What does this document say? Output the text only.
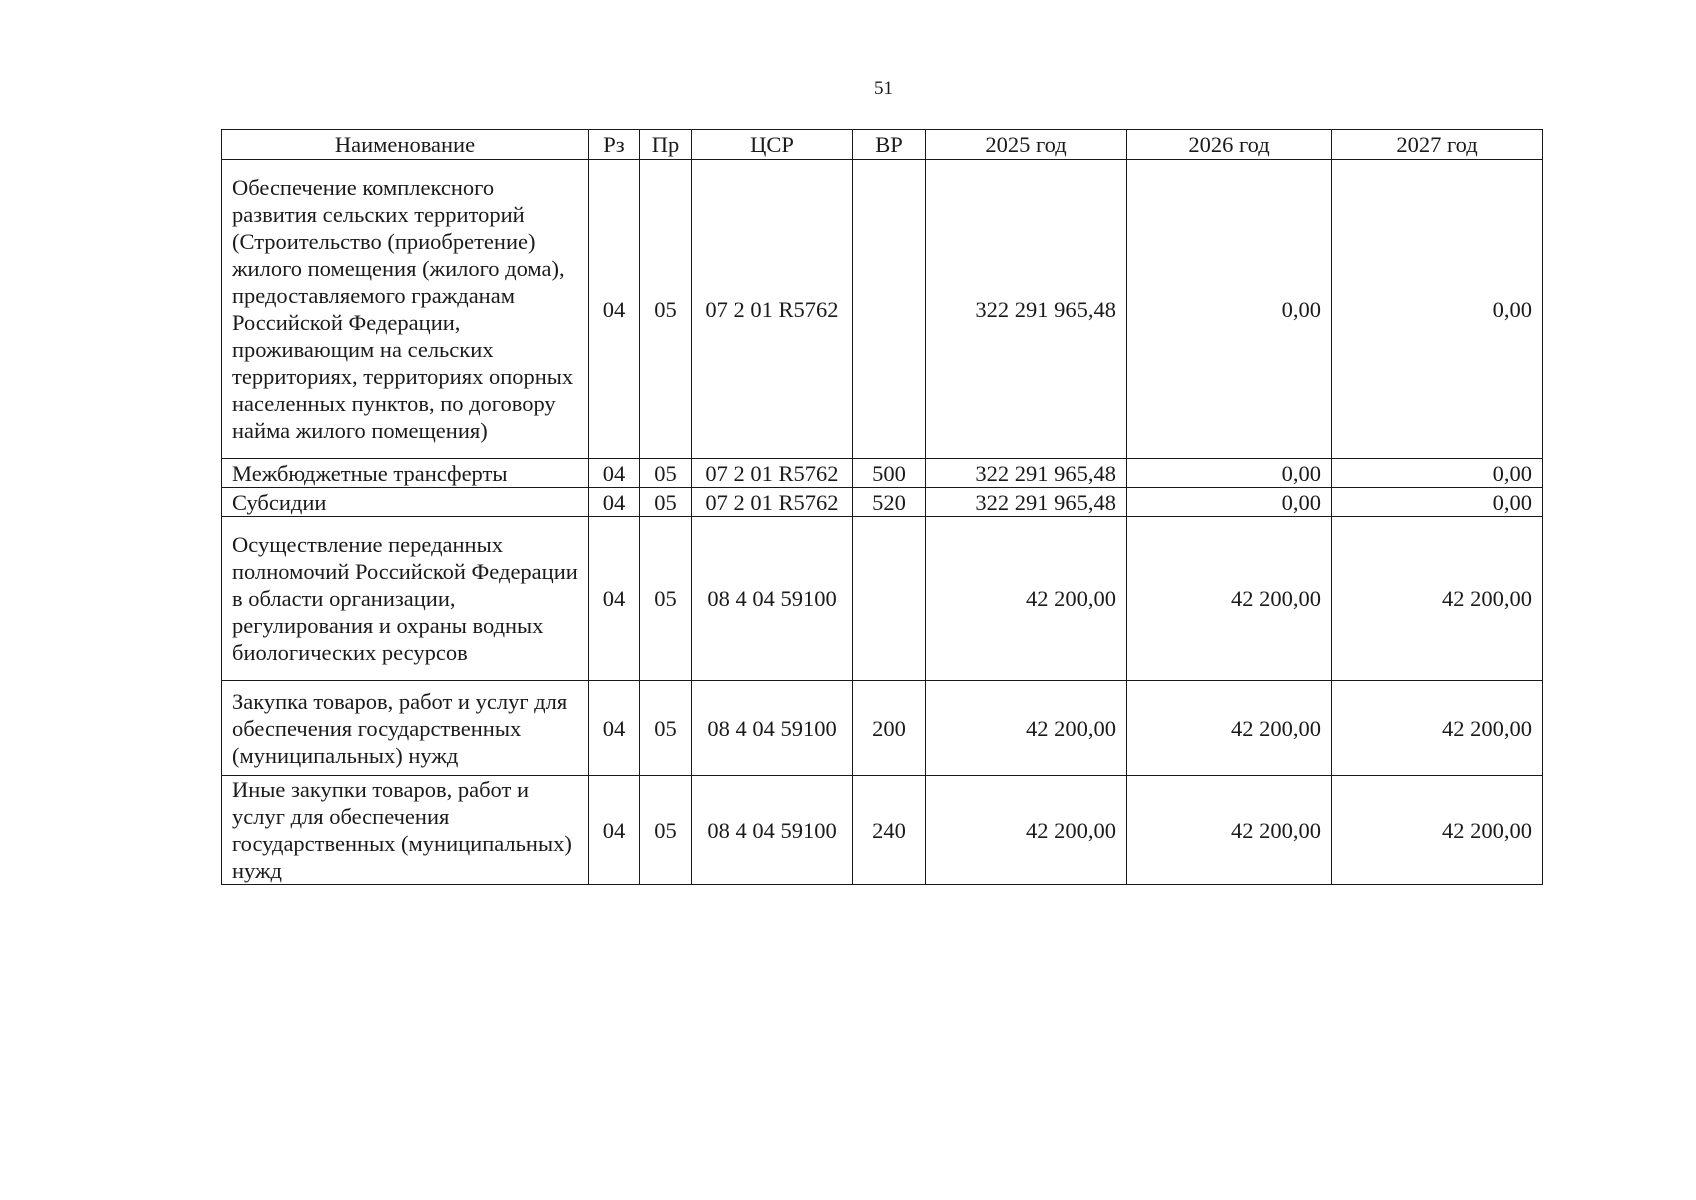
51
Наименование	Рз	Пр	ЦСР	ВР	2025 год	2026 год	2027 год
Обеспечение комплексного развития сельских территорий (Строительство (приобретение) жилого помещения (жилого дома), предоставляемого гражданам Российской Федерации, проживающим на сельских территориях, территориях опорных населенных пунктов, по договору найма жилого помещения)	04	05	07 2 01 R5762		322 291 965,48	0,00	0,00
Межбюджетные трансферты	04	05	07 2 01 R5762	500	322 291 965,48	0,00	0,00
Субсидии	04	05	07 2 01 R5762	520	322 291 965,48	0,00	0,00
Осуществление переданных полномочий Российской Федерации в области организации, регулирования и охраны водных биологических ресурсов	04	05	08 4 04 59100		42 200,00	42 200,00	42 200,00
Закупка товаров, работ и услуг для обеспечения государственных (муниципальных) нужд	04	05	08 4 04 59100	200	42 200,00	42 200,00	42 200,00
Иные закупки товаров, работ и услуг для обеспечения государственных (муниципальных) нужд	04	05	08 4 04 59100	240	42 200,00	42 200,00	42 200,00
